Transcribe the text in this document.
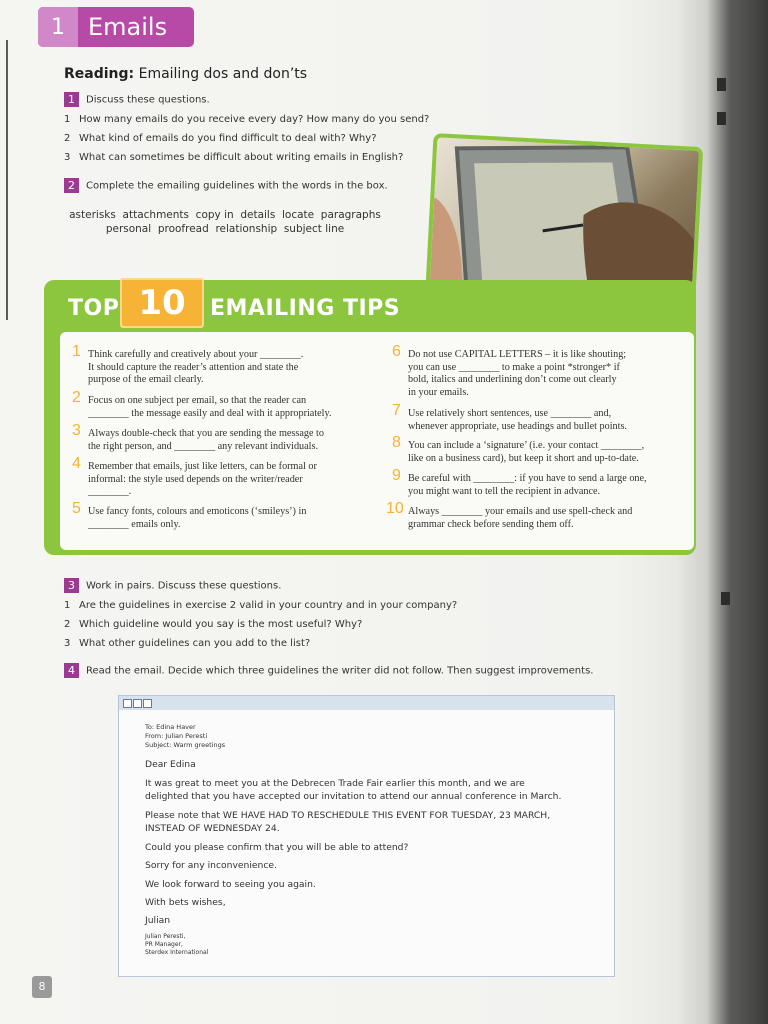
1 Emails
Reading: Emailing dos and don’ts
1 Discuss these questions.
1 How many emails do you receive every day? How many do you send?
2 What kind of emails do you find difficult to deal with? Why?
3 What can sometimes be difficult about writing emails in English?
2 Complete the emailing guidelines with the words in the box.
asterisks  attachments  copy in  details  locate  paragraphs
personal  proofread  relationship  subject line
TOP 10	EMAILING TIPS
1 Think carefully and creatively about your ________.
It should capture the reader’s attention and state the
purpose of the email clearly.
2 Focus on one subject per email, so that the reader can
________ the message easily and deal with it appropriately.
3 Always double-check that you are sending the message to
the right person, and ________ any relevant individuals.
4 Remember that emails, just like letters, can be formal or
informal: the style used depends on the writer/reader
________.
5 Use fancy fonts, colours and emoticons (‘smileys’) in
________ emails only.
6 Do not use CAPITAL LETTERS – it is like shouting;
you can use ________ to make a point *stronger* if
bold, italics and underlining don’t come out clearly
in your emails.
7 Use relatively short sentences, use ________ and,
whenever appropriate, use headings and bullet points.
8 You can include a ‘signature’ (i.e. your contact ________,
like on a business card), but keep it short and up-to-date.
9 Be careful with ________: if you have to send a large one,
you might want to tell the recipient in advance.
10 Always ________ your emails and use spell-check and
grammar check before sending them off.
3 Work in pairs. Discuss these questions.
1 Are the guidelines in exercise 2 valid in your country and in your company?
2 Which guideline would you say is the most useful? Why?
3 What other guidelines can you add to the list?
4 Read the email. Decide which three guidelines the writer did not follow. Then suggest improvements.
To: Edina Haver
From: Julian Peresti
Subject: Warm greetings
Dear Edina
It was great to meet you at the Debrecen Trade Fair earlier this month, and we are
delighted that you have accepted our invitation to attend our annual conference in March.
Please note that WE HAVE HAD TO RESCHEDULE THIS EVENT FOR TUESDAY, 23 MARCH,
INSTEAD OF WEDNESDAY 24.
Could you please confirm that you will be able to attend?
Sorry for any inconvenience.
We look forward to seeing you again.
With bets wishes,
Julian
Julian Peresti,
PR Manager,
Sterdex International
8
